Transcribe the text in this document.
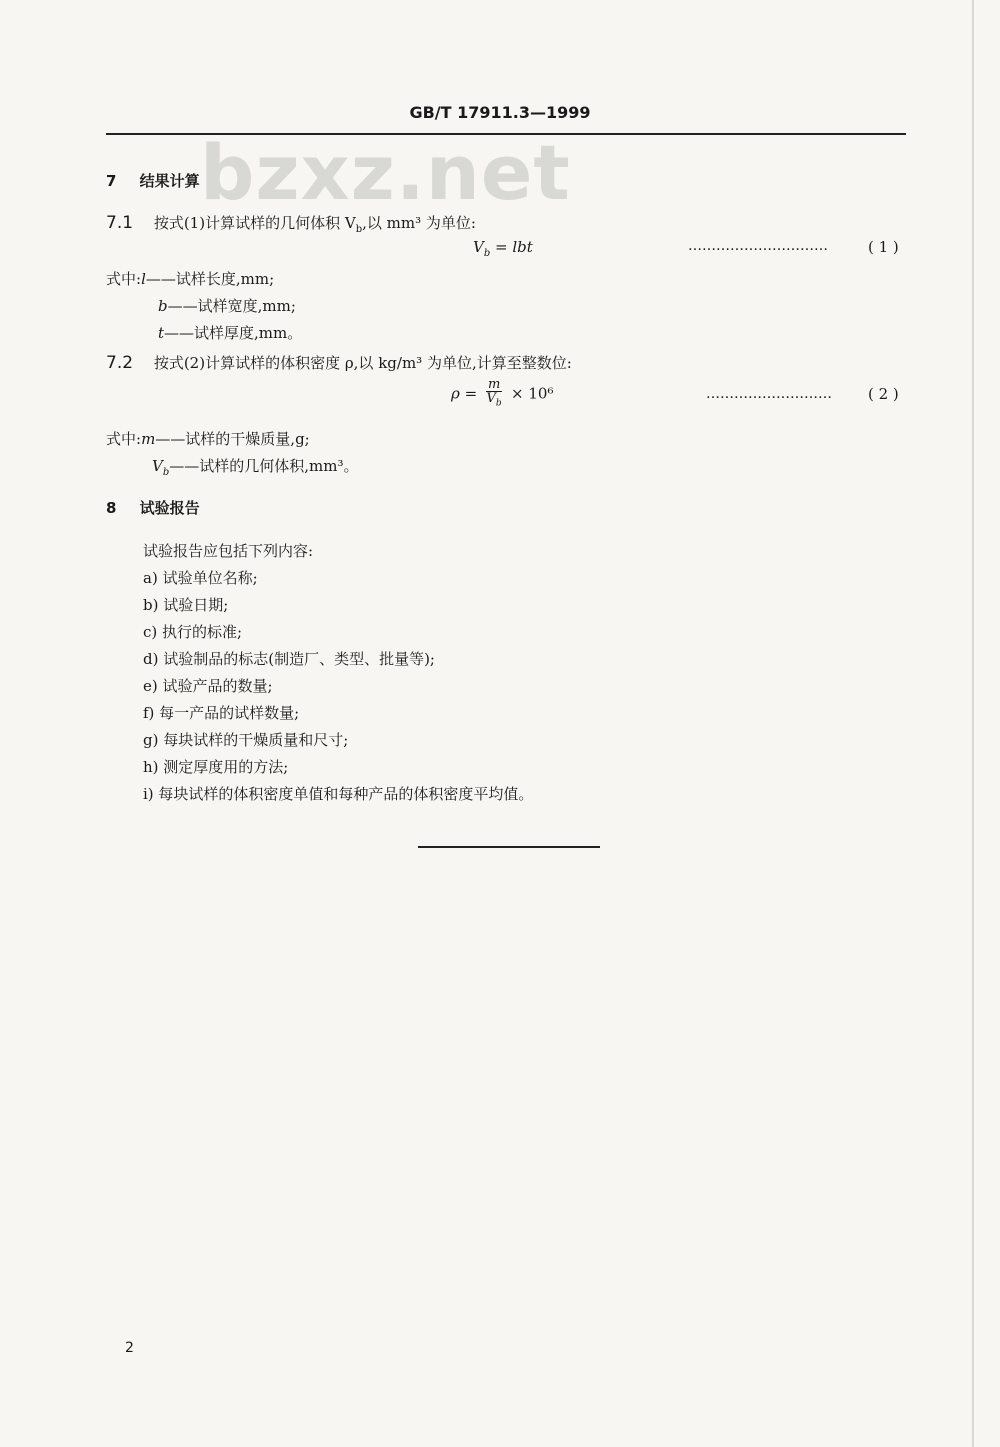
GB/T 17911.3—1999
bzxz.net
7 结果计算
7.1 按式(1)计算试样的几何体积 $V_b$,以 mm³ 为单位:
$V_b$ = lbt	…………………………	( 1 )
式中:l——试样长度,mm;
b——试样宽度,mm;
t——试样厚度,mm。
7.2 按式(2)计算试样的体积密度 ρ,以 kg/m³ 为单位,计算至整数位:
$\rho = \frac{m}{V_b} \times 10^6$	……………………… ( 2 )
式中:m——试样的干燥质量,g;
$V_b——$试样的几何体积,mm³。
8 试验报告
试验报告应包括下列内容:
a) 试验单位名称;
b) 试验日期;
c) 执行的标准;
d) 试验制品的标志(制造厂、类型、批量等);
e) 试验产品的数量;
f) 每一产品的试样数量;
g) 每块试样的干燥质量和尺寸;
h) 测定厚度用的方法;
i) 每块试样的体积密度单值和每种产品的体积密度平均值。
2
